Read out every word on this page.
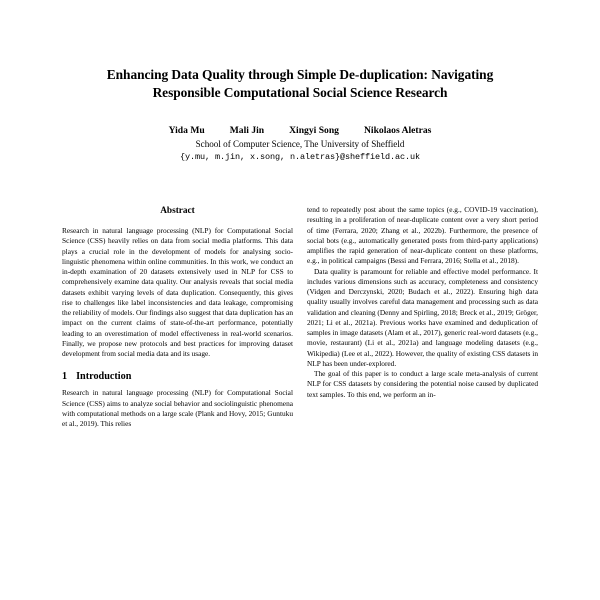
Enhancing Data Quality through Simple De-duplication: Navigating
Responsible Computational Social Science Research
Yida Mu	Mali Jin	Xingyi Song	Nikolaos Aletras
School of Computer Science, The University of Sheffield
{y.mu, m.jin, x.song, n.aletras}@sheffield.ac.uk
Abstract

Research in natural language processing (NLP) for Computational Social Science (CSS) heavily relies on data from social media platforms. This data plays a crucial role in the development of models for analysing socio-linguistic phenomena within online communities. In this work, we conduct an in-depth examination of 20 datasets extensively used in NLP for CSS to comprehensively examine data quality. Our analysis reveals that social media datasets exhibit varying levels of data duplication. Consequently, this gives rise to challenges like label inconsistencies and data leakage, compromising the reliability of models. Our findings also suggest that data duplication has an impact on the current claims of state-of-the-art performance, potentially leading to an overestimation of model effectiveness in real-world scenarios. Finally, we propose new protocols and best practices for improving dataset development from social media data and its usage.

1 Introduction

Research in natural language processing (NLP) for Computational Social Science (CSS) aims to analyze social behavior and sociolinguistic phenomena with computational methods on a large scale (Plank and Hovy, 2015; Guntuku et al., 2019). This relies

tend to repeatedly post about the same topics (e.g., COVID-19 vaccination), resulting in a proliferation of near-duplicate content over a very short period of time (Ferrara, 2020; Zhang et al., 2022b). Furthermore, the presence of social bots (e.g., automatically generated posts from third-party applications) amplifies the rapid generation of near-duplicate content on these platforms, e.g., in political campaigns (Bessi and Ferrara, 2016; Stella et al., 2018).

Data quality is paramount for reliable and effective model performance. It includes various dimensions such as accuracy, completeness and consistency (Vidgen and Derczynski, 2020; Budach et al., 2022). Ensuring high data quality usually involves careful data management and processing such as data validation and cleaning (Denny and Spirling, 2018; Breck et al., 2019; Gröger, 2021; Li et al., 2021a). Previous works have examined and deduplication of samples in image datasets (Alam et al., 2017), generic real-word datasets (e.g., movie, restaurant) (Li et al., 2021a) and language modeling datasets (e.g., Wikipedia) (Lee et al., 2022). However, the quality of existing CSS datasets in NLP has been under-explored.

The goal of this paper is to conduct a large scale meta-analysis of current NLP for CSS datasets by considering the potential noise caused by duplicated text samples. To this end, we perform an in-
